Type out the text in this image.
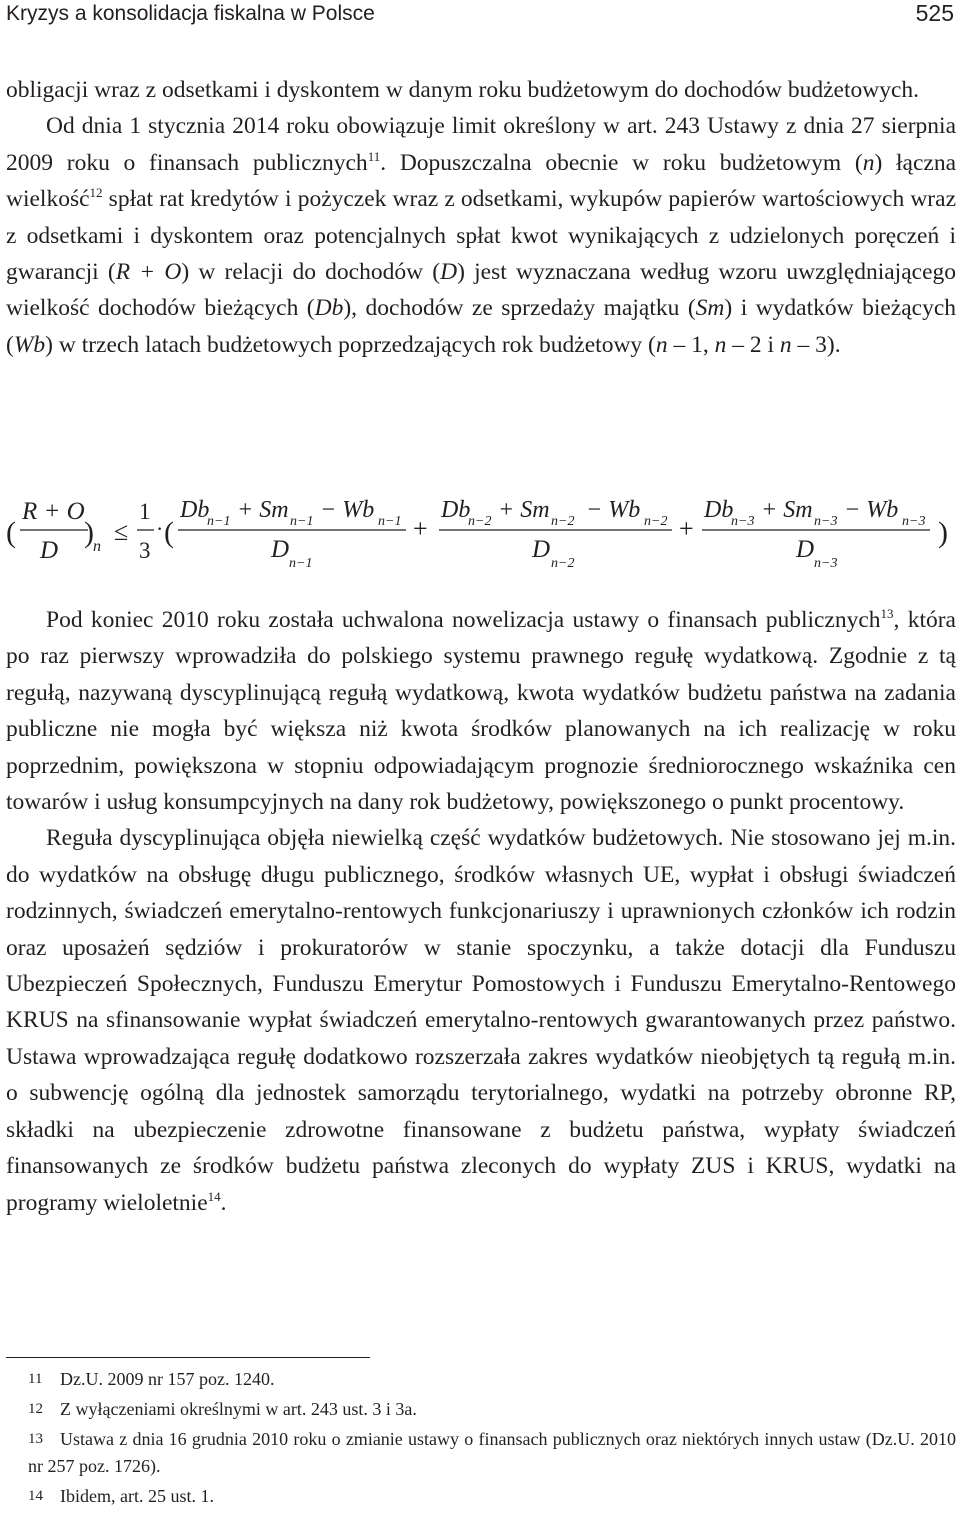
Kryzys a konsolidacja fiskalna w Polsce	525

obligacji wraz z odsetkami i dyskontem w danym roku budżetowym do dochodów budżetowych.

Od dnia 1 stycznia 2014 roku obowiązuje limit określony w art. 243 Ustawy z dnia 27 sierpnia 2009 roku o finansach publicznych$^{11}$. Dopuszczalna obecnie w roku budżetowym (n) łączna wielkość$^{12}$ spłat rat kredytów i pożyczek wraz z odsetkami, wykupów papierów wartościowych wraz z odsetkami i dyskontem oraz potencjalnych spłat kwot wynikających z udzielonych poręczeń i gwarancji (R + O) w relacji do dochodów (D) jest wyznaczana według wzoru uwzględniającego wielkość dochodów bieżących (Db), dochodów ze sprzedaży majątku (Sm) i wydatków bieżących (Wb) w trzech latach budżetowych poprzedzających rok budżetowy (n – 1, n – 2 i n – 3).

(
R + O
D
) n
≤
1
3
· (
Db
n−1 + Sm n−1 − Wb n−1
D
n−1
+
Db
n−2 + Sm n−2 − Wb n−2
D
n−2
+
Db
n−3 + Sm n−3 − Wb n−3
D
n−3
)

Pod koniec 2010 roku została uchwalona nowelizacja ustawy o finansach publicznych$^{13}$, która po raz pierwszy wprowadziła do polskiego systemu prawnego regułę wydatkową. Zgodnie z tą regułą, nazywaną dyscyplinującą regułą wydatkową, kwota wydatków budżetu państwa na zadania publiczne nie mogła być większa niż kwota środków planowanych na ich realizację w roku poprzednim, powiększona w stopniu odpowiadającym prognozie średniorocznego wskaźnika cen towarów i usług konsumpcyjnych na dany rok budżetowy, powiększonego o punkt procentowy.

Reguła dyscyplinująca objęła niewielką część wydatków budżetowych. Nie stosowano jej m.in. do wydatków na obsługę długu publicznego, środków własnych UE, wypłat i obsługi świadczeń rodzinnych, świadczeń emerytalno-rentowych funkcjonariuszy i uprawnionych członków ich rodzin oraz uposażeń sędziów i prokuratorów w stanie spoczynku, a także dotacji dla Funduszu Ubezpieczeń Społecznych, Funduszu Emerytur Pomostowych i Funduszu Emerytalno-Rentowego KRUS na sfinansowanie wypłat świadczeń emerytalno-rentowych gwarantowanych przez państwo. Ustawa wprowadzająca regułę dodatkowo rozszerzała zakres wydatków nieobjętych tą regułą m.in. o subwencję ogólną dla jednostek samorządu terytorialnego, wydatki na potrzeby obronne RP, składki na ubezpieczenie zdrowotne finansowane z budżetu państwa, wypłaty świadczeń finansowanych ze środków budżetu państwa zleconych do wypłaty ZUS i KRUS, wydatki na programy wieloletnie$^{14}$.

11 Dz.U. 2009 nr 157 poz. 1240.

12 Z wyłączeniami określnymi w art. 243 ust. 3 i 3a.

13 Ustawa z dnia 16 grudnia 2010 roku o zmianie ustawy o finansach publicznych oraz niektórych innych ustaw (Dz.U. 2010 nr 257 poz. 1726).

14 Ibidem, art. 25 ust. 1.
